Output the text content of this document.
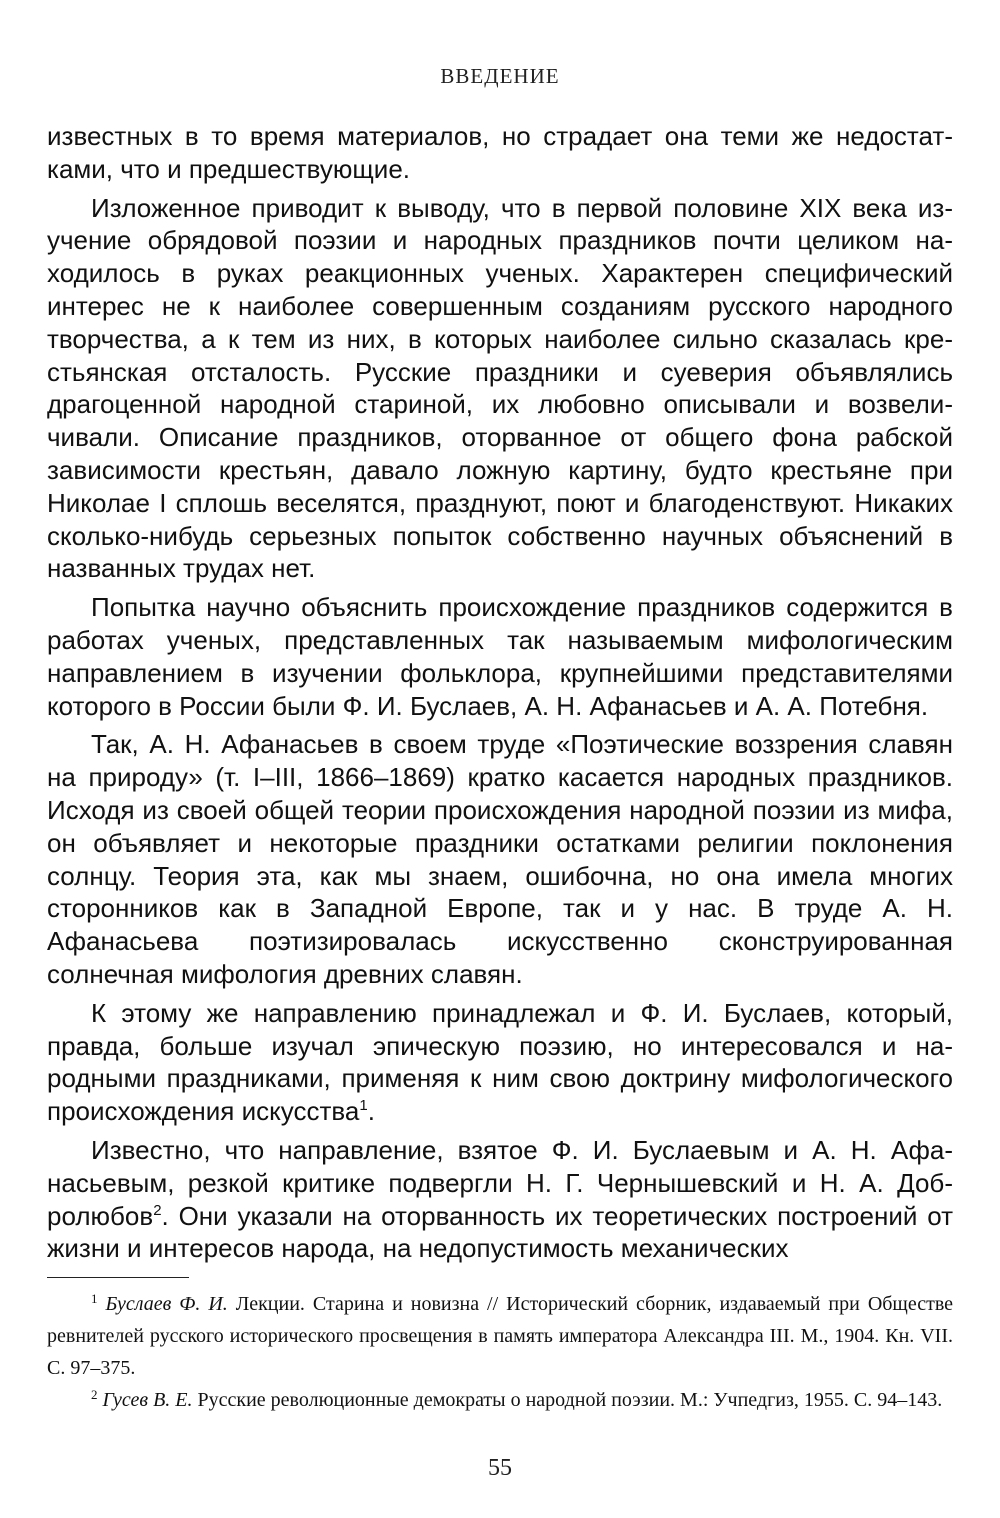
ВВЕДЕНИЕ

известных в то время материалов, но страдает она теми же недостатками, что и предшествующие.

Изложенное приводит к выводу, что в первой половине XIX века изучение обрядовой поэзии и народных праздников почти целиком находилось в руках реакционных ученых. Характерен специфический интерес не к наиболее совершенным созданиям русского народного творчества, а к тем из них, в которых наиболее сильно сказалась крестьянская отсталость. Русские праздники и суеверия объявлялись драгоценной народной стариной, их любовно описывали и возвеличивали. Описание праздников, оторванное от общего фона рабской зависимости крестьян, давало ложную картину, будто крестьяне при Николае I сплошь веселятся, празднуют, поют и благоденствуют. Никаких сколько-нибудь серьезных попыток собственно научных объяснений в названных трудах нет.

Попытка научно объяснить происхождение праздников содержится в работах ученых, представленных так называемым мифологическим направлением в изучении фольклора, крупнейшими представителями которого в России были Ф. И. Буслаев, А. Н. Афанасьев и А. А. Потебня.

Так, А. Н. Афанасьев в своем труде «Поэтические воззрения славян на природу» (т. I–III, 1866–1869) кратко касается народных праздников. Исходя из своей общей теории происхождения народной поэзии из мифа, он объявляет и некоторые праздники остатками религии поклонения солнцу. Теория эта, как мы знаем, ошибочна, но она имела многих сторонников как в Западной Европе, так и у нас. В труде А. Н. Афанасьева поэтизировалась искусственно сконструированная солнечная мифология древних славян.

К этому же направлению принадлежал и Ф. И. Буслаев, который, правда, больше изучал эпическую поэзию, но интересовался и народными праздниками, применяя к ним свою доктрину мифологического происхождения искусства$^1$.

Известно, что направление, взятое Ф. И. Буслаевым и А. Н. Афанасьевым, резкой критике подвергли Н. Г. Чернышевский и Н. А. Добролюбов$^2$. Они указали на оторванность их теоретических построений от жизни и интересов народа, на недопустимость механических

$^1$ Буслаев Ф. И. Лекции. Старина и новизна // Исторический сборник, издаваемый при Обществе ревнителей русского исторического просвещения в память императора Александра III. М., 1904. Кн. VII. С. 97–375.

$^2$ Гусев В. Е. Русские революционные демократы о народной поэзии. М.: Учпедгиз, 1955. С. 94–143.

55
